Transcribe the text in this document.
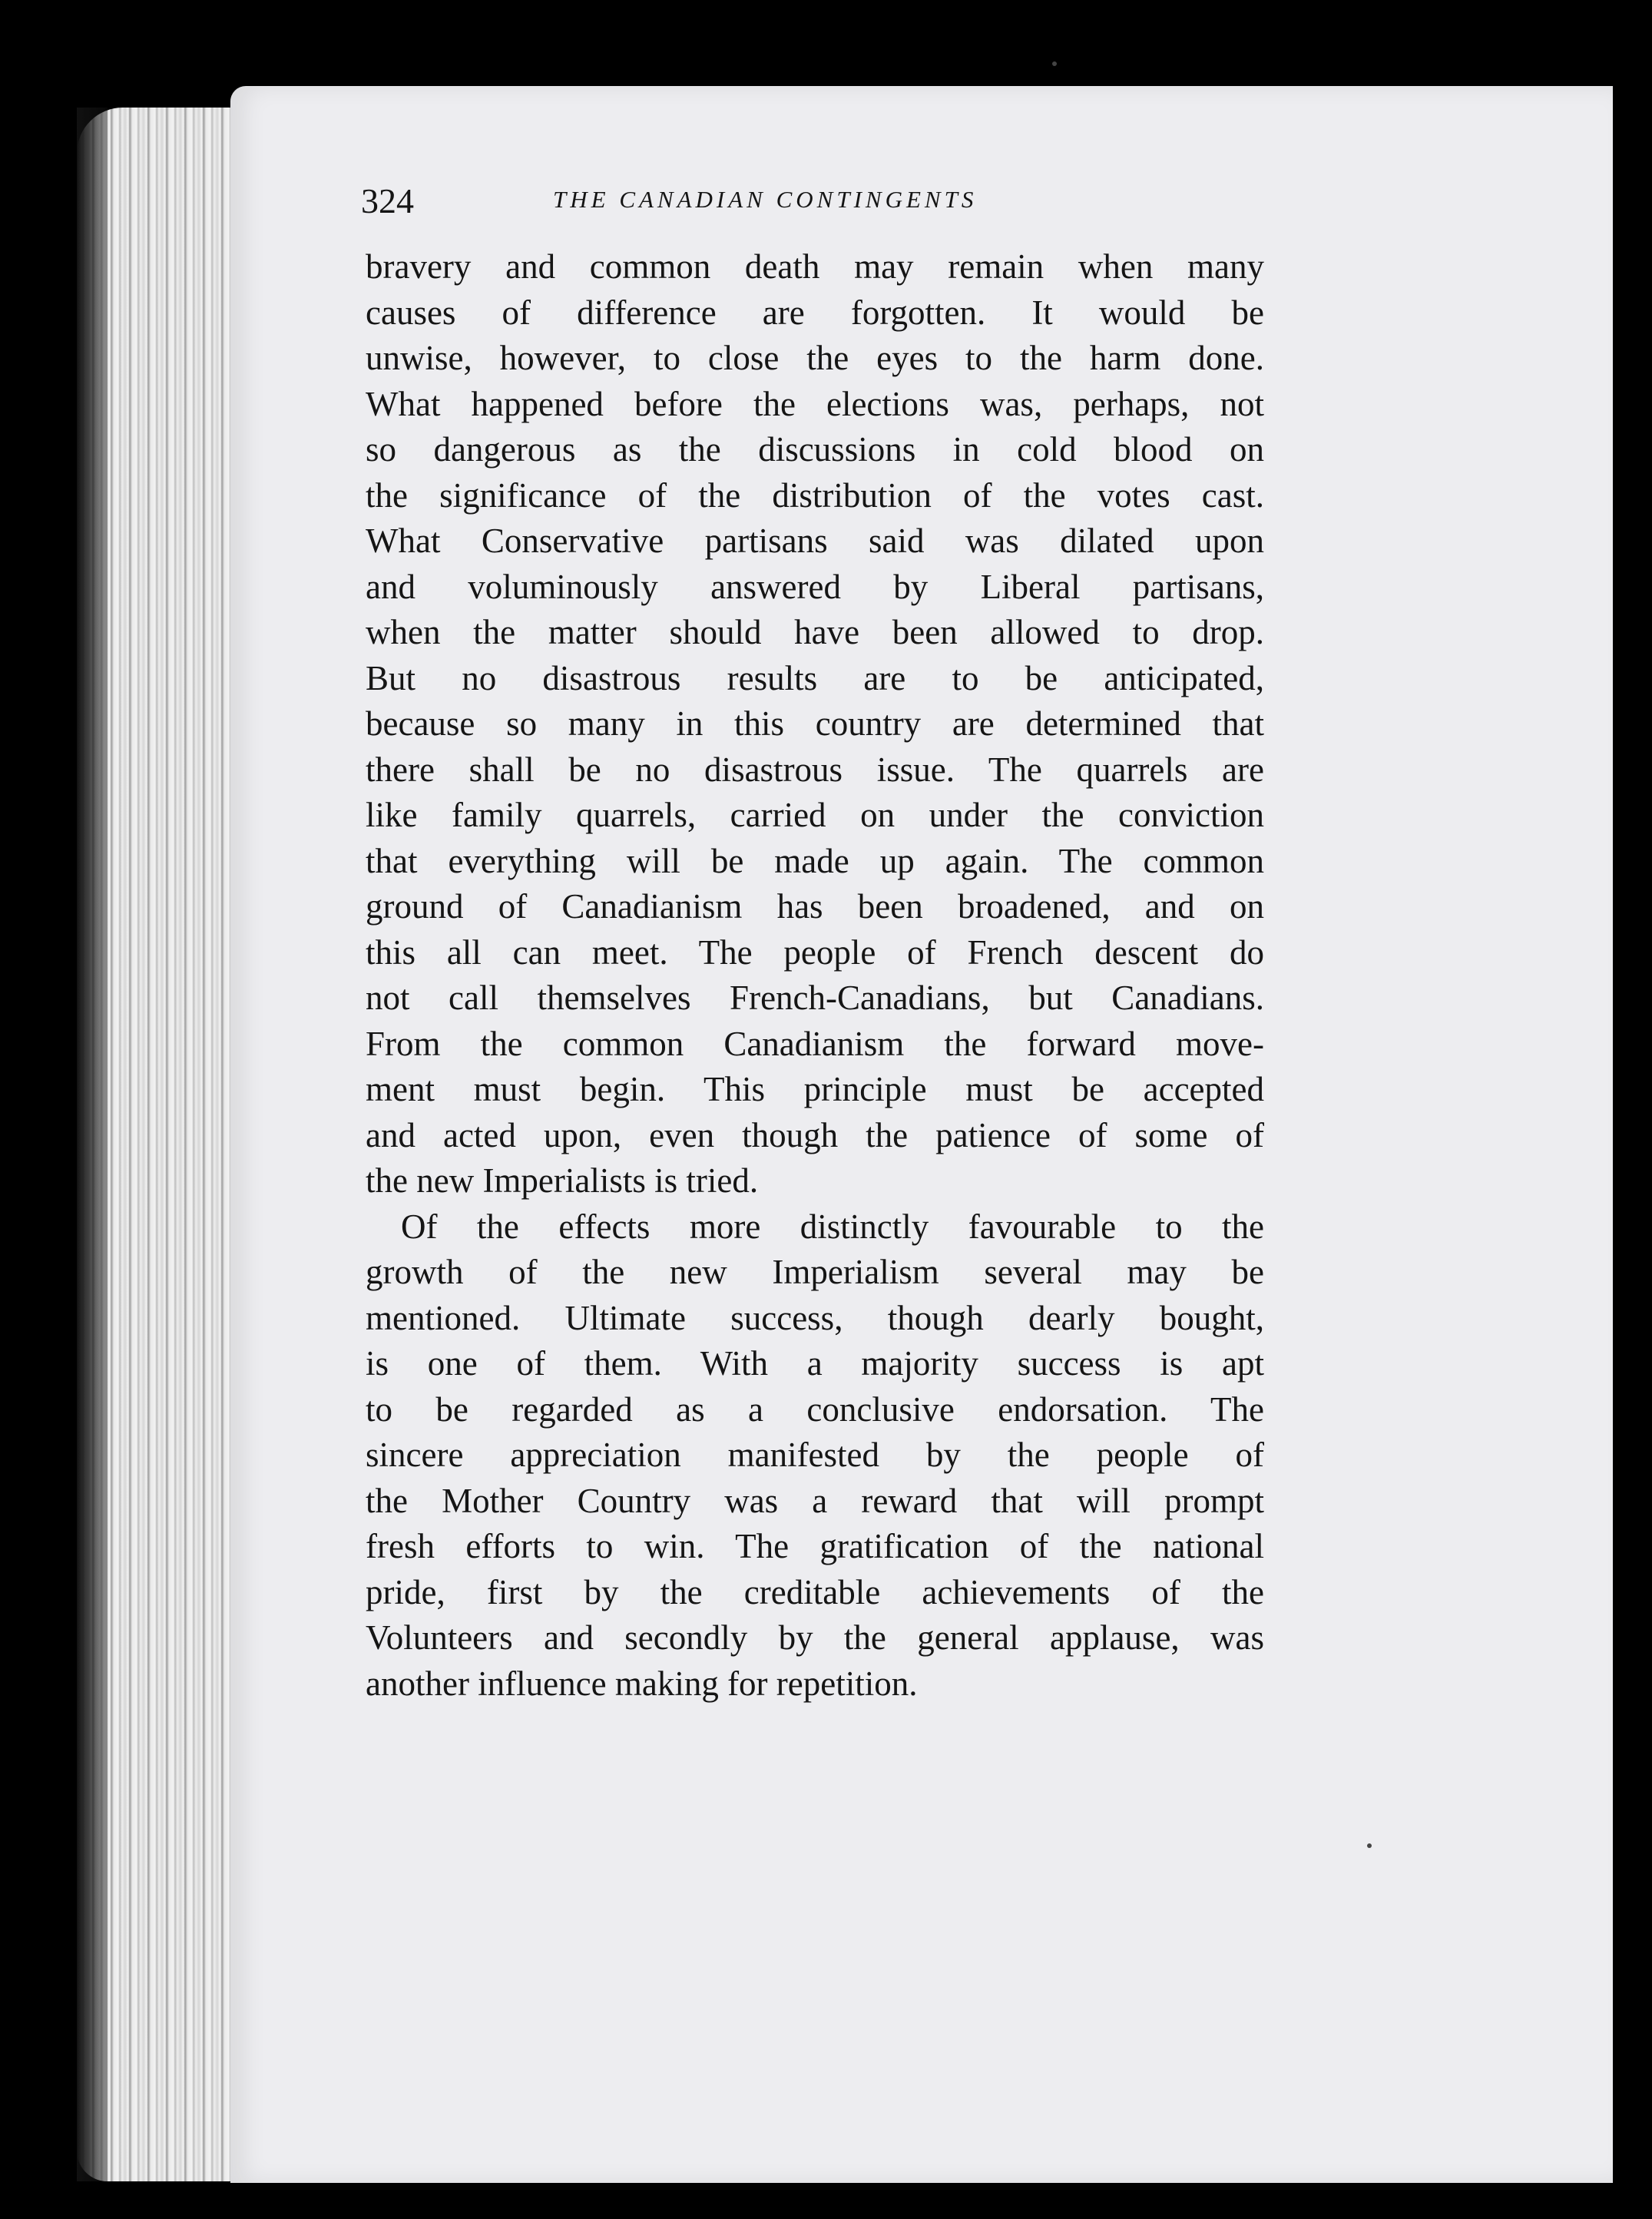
324	THE CANADIAN CONTINGENTS
bravery and common death may remain when many
causes of difference are forgotten. It would be
unwise, however, to close the eyes to the harm done.
What happened before the elections was, perhaps, not
so dangerous as the discussions in cold blood on
the significance of the distribution of the votes cast.
What Conservative partisans said was dilated upon
and voluminously answered by Liberal partisans,
when the matter should have been allowed to drop.
But no disastrous results are to be anticipated,
because so many in this country are determined that
there shall be no disastrous issue. The quarrels are
like family quarrels, carried on under the conviction
that everything will be made up again. The common
ground of Canadianism has been broadened, and on
this all can meet. The people of French descent do
not call themselves French-Canadians, but Canadians.
From the common Canadianism the forward move-
ment must begin. This principle must be accepted
and acted upon, even though the patience of some of
the new Imperialists is tried.
Of the effects more distinctly favourable to the
growth of the new Imperialism several may be
mentioned. Ultimate success, though dearly bought,
is one of them. With a majority success is apt
to be regarded as a conclusive endorsation. The
sincere appreciation manifested by the people of
the Mother Country was a reward that will prompt
fresh efforts to win. The gratification of the national
pride, first by the creditable achievements of the
Volunteers and secondly by the general applause, was
another influence making for repetition.
